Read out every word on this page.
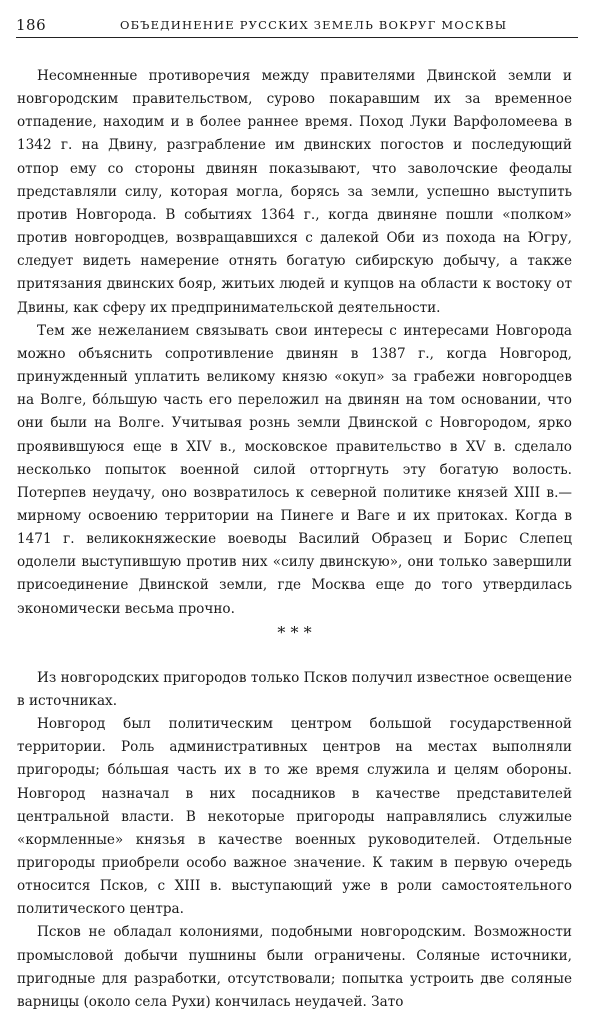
186	ОБЪЕДИНЕНИЕ РУССКИХ ЗЕМЕЛЬ ВОКРУГ МОСКВЫ

Несомненные противоречия между правителями Двинской земли и новгородским правительством, сурово покаравшим их за временное отпадение, находим и в более раннее время. Поход Луки Варфоломеева в 1342 г. на Двину, разграбление им двинских погостов и последующий отпор ему со стороны двинян показывают, что заволочские феодалы представляли силу, которая могла, борясь за земли, успешно выступить против Новгорода. В событиях 1364 г., когда двиняне пошли «полком» против новгородцев, возвращавшихся с далекой Оби из похода на Югру, следует видеть намерение отнять богатую сибирскую добычу, а также притязания двинских бояр, житьих людей и купцов на области к востоку от Двины, как сферу их предпринимательской деятельности.

Тем же нежеланием связывать свои интересы с интересами Новгорода можно объяснить сопротивление двинян в 1387 г., когда Новгород, принужденный уплатить великому князю «окуп» за грабежи новгородцев на Волге, бо́льшую часть его переложил на двинян на том основании, что они были на Волге. Учитывая рознь земли Двинской с Новгородом, ярко проявившуюся еще в XIV в., московское правительство в XV в. сделало несколько попыток военной силой отторгнуть эту богатую волость. Потерпев неудачу, оно возвратилось к северной политике князей XIII в.— мирному освоению территории на Пинеге и Ваге и их притоках. Когда в 1471 г. великокняжеские воеводы Василий Образец и Борис Слепец одолели выступившую против них «силу двинскую», они только завершили присоединение Двинской земли, где Москва еще до того утвердилась экономически весьма прочно.

* * *

Из новгородских пригородов только Псков получил известное освещение в источниках.

Новгород был политическим центром большой государственной территории. Роль административных центров на местах выполняли пригороды; бо́льшая часть их в то же время служила и целям обороны. Новгород назначал в них посадников в качестве представителей центральной власти. В некоторые пригороды направлялись служилые «кормленные» князья в качестве военных руководителей. Отдельные пригороды приобрели особо важное значение. К таким в первую очередь относится Псков, с XIII в. выступающий уже в роли самостоятельного политического центра.

Псков не обладал колониями, подобными новгородским. Возможности промысловой добычи пушнины были ограничены. Соляные источники, пригодные для разработки, отсутствовали; попытка устроить две соляные варницы (около села Рухи) кончилась неудачей. Зато
